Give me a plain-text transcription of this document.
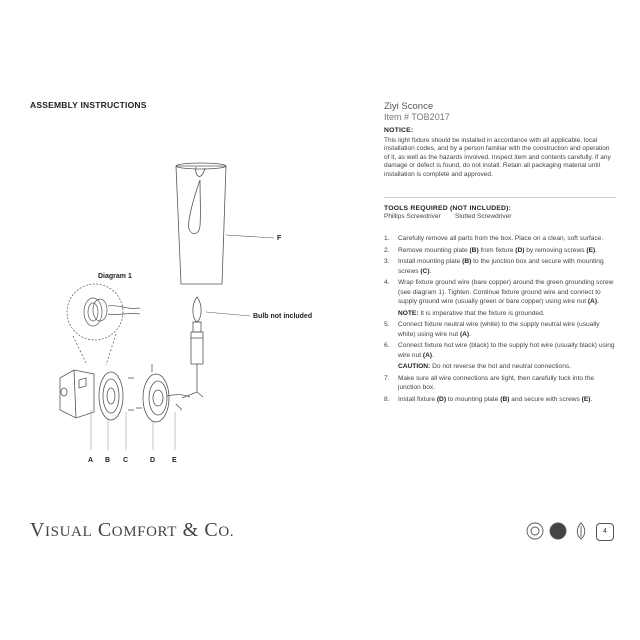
ASSEMBLY INSTRUCTIONS
F
Bulb not included
Diagram 1
A B C	D E
Ziyi Sconce
Item # TOB2017
NOTICE:
This light fixture should be installed in accordance with all applicable, local installation codes, and by a person familiar with the construction and operation of it, as well as the hazards involved. Inspect item and contents carefully. If any damage or defect is found, do not install. Retain all packaging material until installation is complete and approved.
TOOLS REQUIRED (NOT INCLUDED):
Phillips Screwdriver Slotted Screwdriver
1. Carefully remove all parts from the box. Place on a clean, soft surface.
2. Remove mounting plate (B) from fixture (D) by removing screws (E).
3. Install mounting plate (B) to the junction box and secure with mounting screws (C).
4. Wrap fixture ground wire (bare copper) around the green grounding screw (see diagram 1). Tighten. Continue fixture ground wire and connect to supply ground wire (usually green or bare copper) using wire nut (A).
NOTE: It is imperative that the fixture is grounded.
5. Connect fixture neutral wire (white) to the supply neutral wire (usually white) using wire nut (A).
6. Connect fixture hot wire (black) to the supply hot wire (usually black) using wire nut (A).
CAUTION: Do not reverse the hot and neutral connections.
7. Make sure all wire connections are tight, then carefully tuck into the junction box.
8. Install fixture (D) to mounting plate (B) and secure with screws (E).
VISUAL COMFORT & CO.	4
